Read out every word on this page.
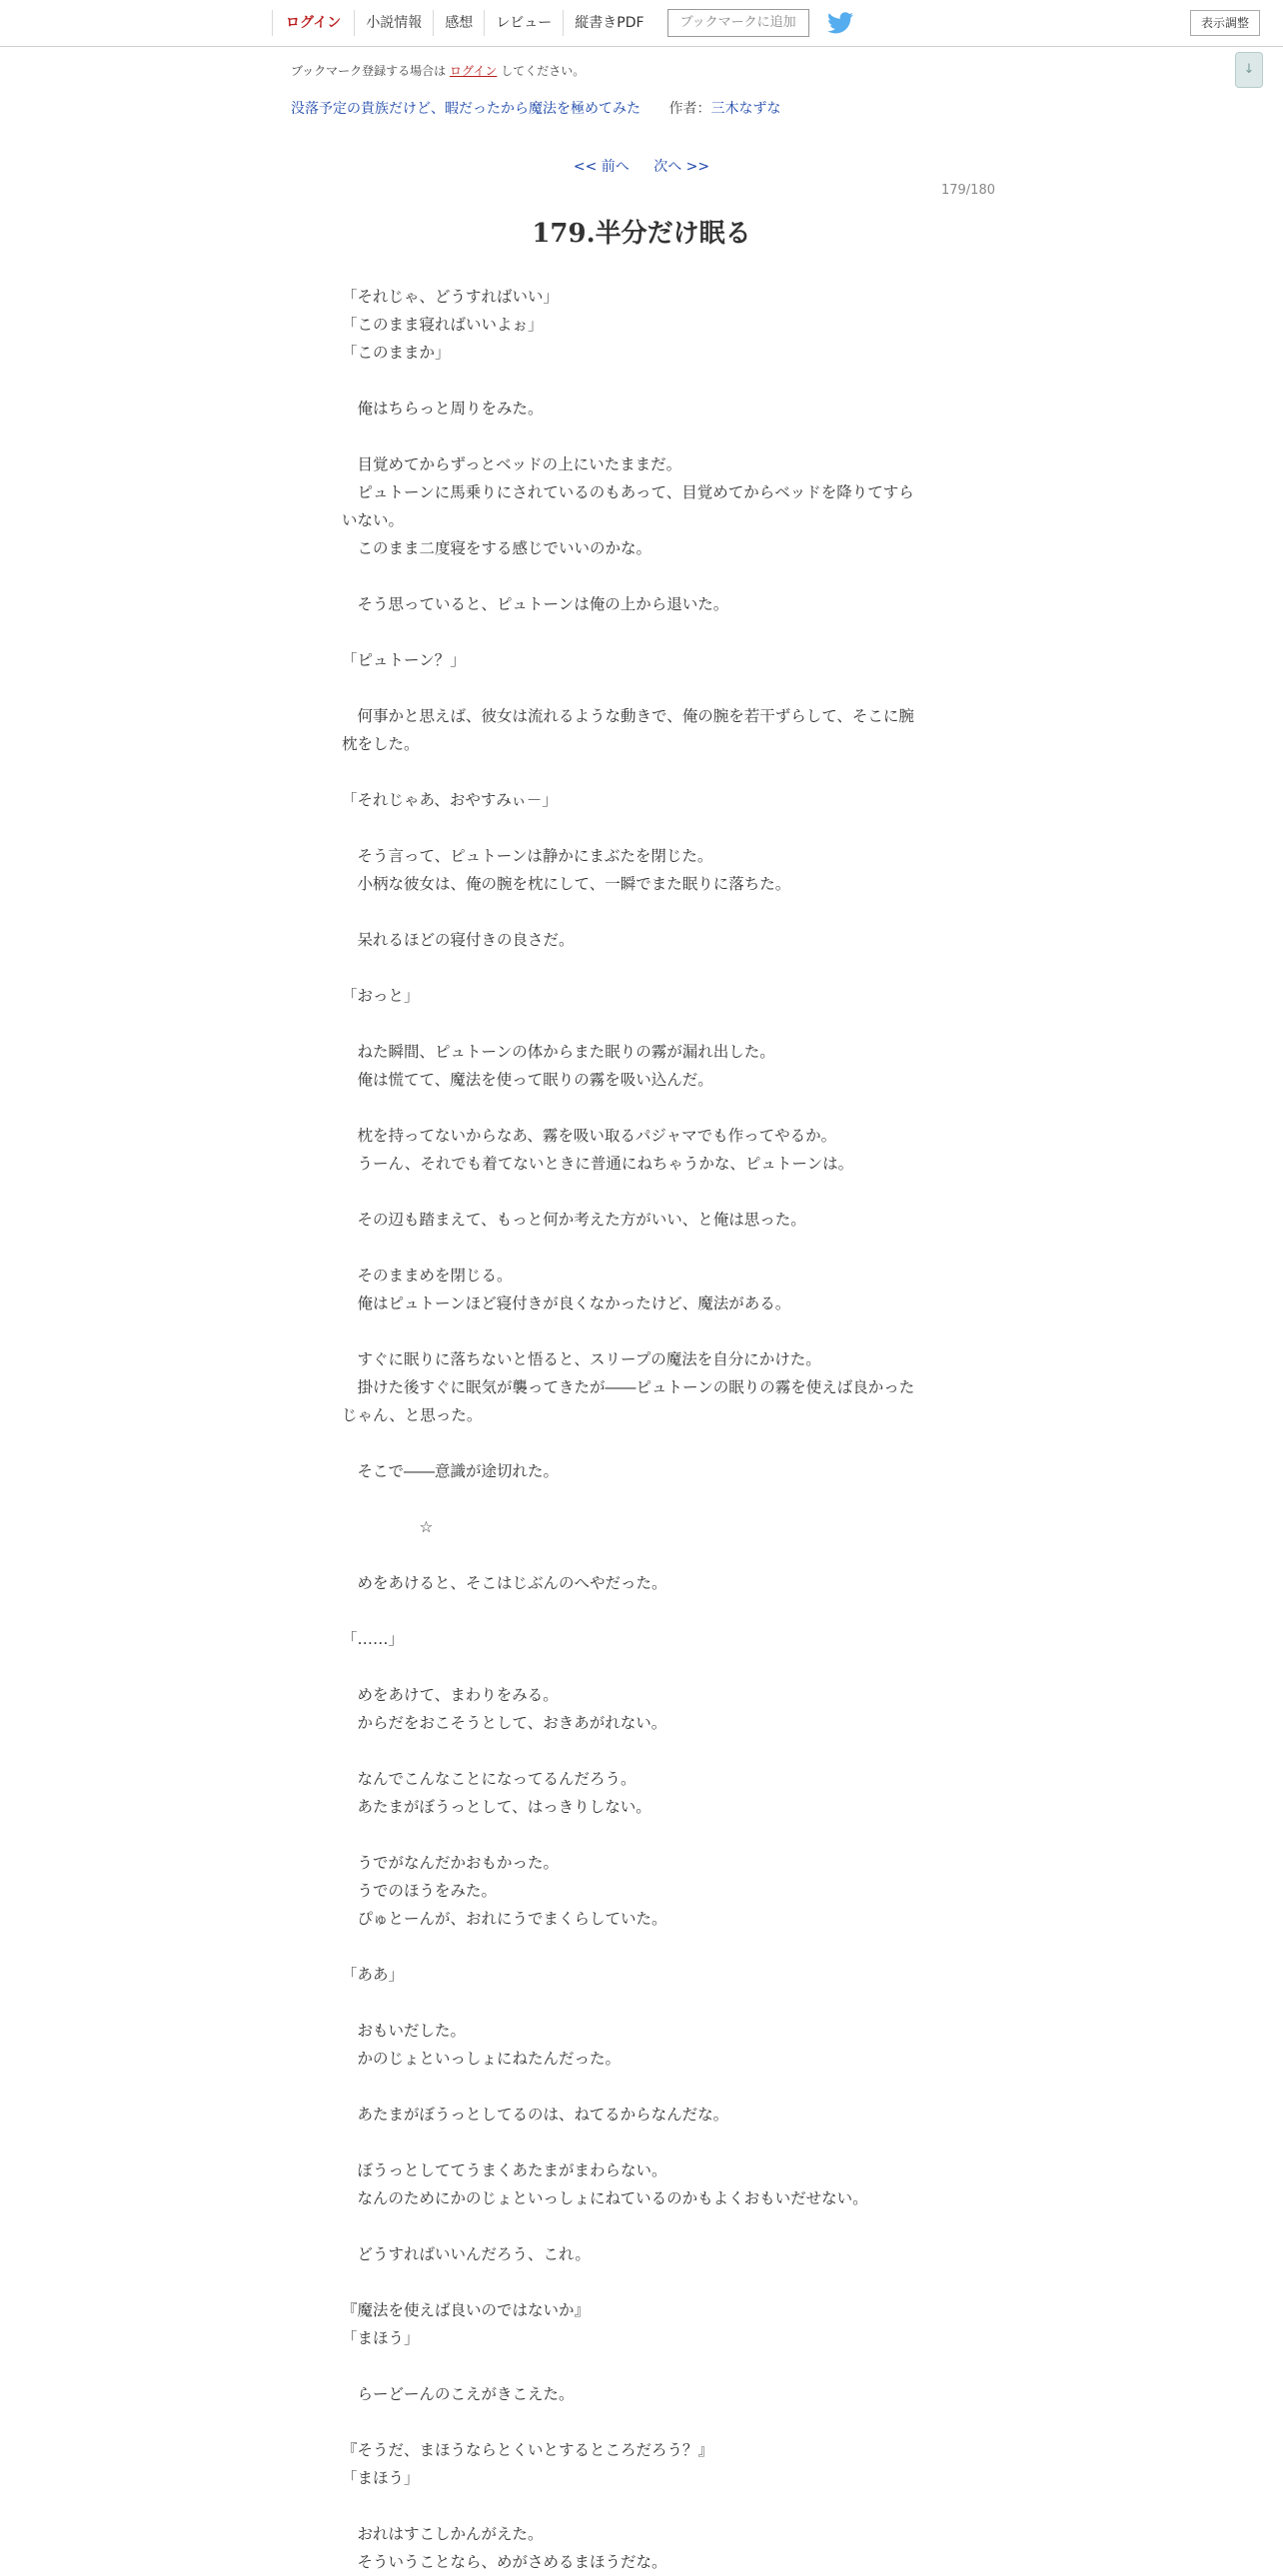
ログイン	小説情報	感想	レビュー	縦書きPDF	ブックマークに追加	表示調整
↓
ブックマーク登録する場合は ログイン してください。
没落予定の貴族だけど、暇だったから魔法を極めてみた 作者：三木なずな
<< 前へ 次へ >>
179/180
179.半分だけ眠る

「それじゃ、どうすればいい」

「このまま寝ればいいよぉ」

「このままか」

　俺はちらっと周りをみた。

　目覚めてからずっとベッドの上にいたままだ。

　ピュトーンに馬乗りにされているのもあって、目覚めてからベッドを降りてすら

いない。

　このまま二度寝をする感じでいいのかな。

　そう思っていると、ピュトーンは俺の上から退いた。

「ピュトーン？」

　何事かと思えば、彼女は流れるような動きで、俺の腕を若干ずらして、そこに腕

枕をした。

「それじゃあ、おやすみぃ－」

　そう言って、ピュトーンは静かにまぶたを閉じた。

　小柄な彼女は、俺の腕を枕にして、一瞬でまた眠りに落ちた。

　呆れるほどの寝付きの良さだ。

「おっと」

　ねた瞬間、ピュトーンの体からまた眠りの霧が漏れ出した。

　俺は慌てて、魔法を使って眠りの霧を吸い込んだ。

　枕を持ってないからなあ、霧を吸い取るパジャマでも作ってやるか。

　うーん、それでも着てないときに普通にねちゃうかな、ピュトーンは。

　その辺も踏まえて、もっと何か考えた方がいい、と俺は思った。

　そのままめを閉じる。

　俺はピュトーンほど寝付きが良くなかったけど、魔法がある。

　すぐに眠りに落ちないと悟ると、スリープの魔法を自分にかけた。

　掛けた後すぐに眠気が襲ってきたが――ピュトーンの眠りの霧を使えば良かった

じゃん、と思った。

　そこで――意識が途切れた。

　　　　　☆

　めをあけると、そこはじぶんのへやだった。

「……」

　めをあけて、まわりをみる。

　からだをおこそうとして、おきあがれない。

　なんでこんなことになってるんだろう。

　あたまがぼうっとして、はっきりしない。

　うでがなんだかおもかった。

　うでのほうをみた。

　ぴゅとーんが、おれにうでまくらしていた。

「ああ」

　おもいだした。

　かのじょといっしょにねたんだった。

　あたまがぼうっとしてるのは、ねてるからなんだな。

　ぼうっとしててうまくあたまがまわらない。

　なんのためにかのじょといっしょにねているのかもよくおもいだせない。

　どうすればいいんだろう、これ。

『魔法を使えば良いのではないか』

「まほう」

　らーどーんのこえがきこえた。

『そうだ、まほうならとくいとするところだろう？』

「まほう」

　おれはすこしかんがえた。

　そういうことなら、めがさめるまほうだな。
